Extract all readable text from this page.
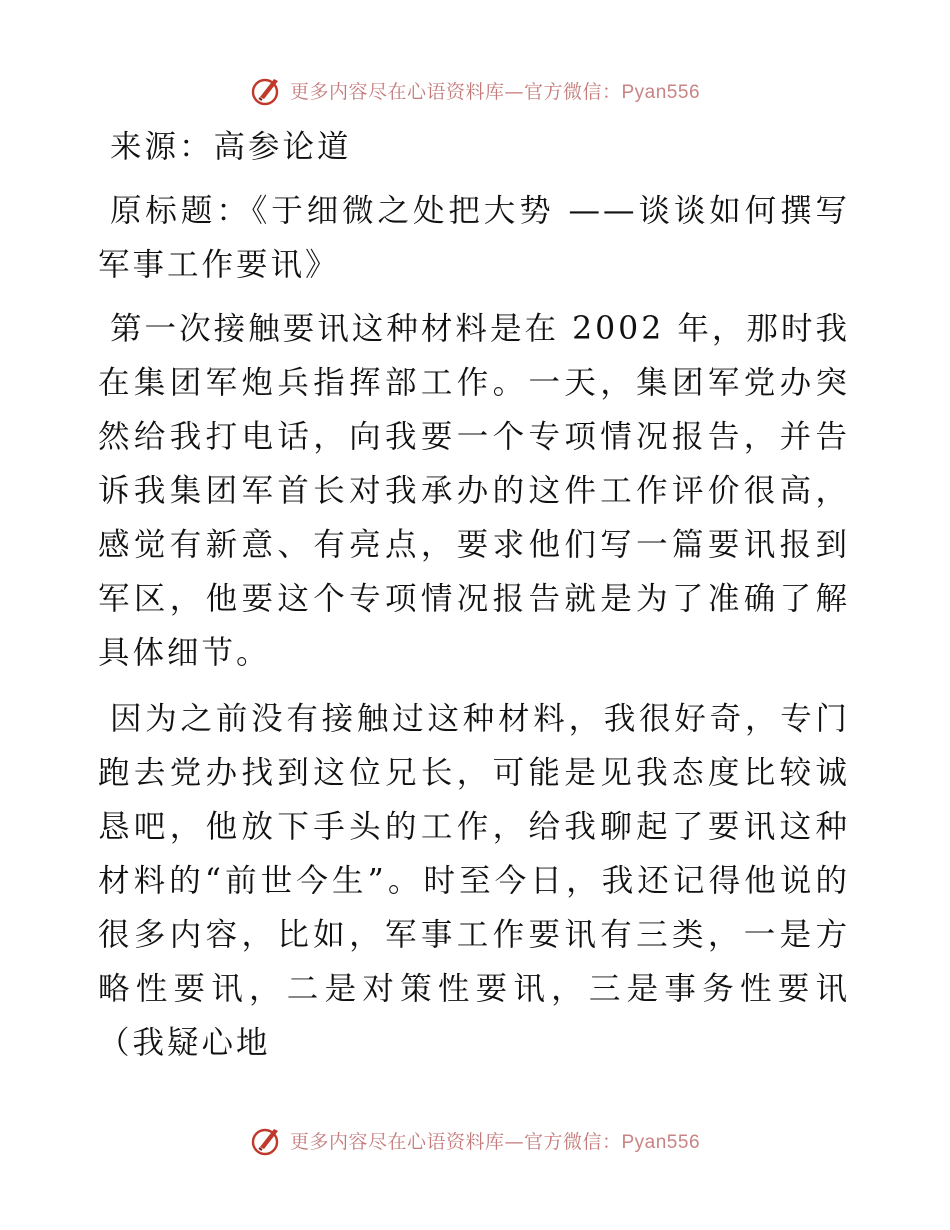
更多内容尽在心语资料库—官方微信：Pyan556

来源：高参论道

原标题：《于细微之处把大势 ——谈谈如何撰写军事工作要讯》

第一次接触要讯这种材料是在 2002 年，那时我在集团军炮兵指挥部工作。一天，集团军党办突然给我打电话，向我要一个专项情况报告，并告诉我集团军首长对我承办的这件工作评价很高，感觉有新意、有亮点，要求他们写一篇要讯报到军区，他要这个专项情况报告就是为了准确了解具体细节。

因为之前没有接触过这种材料，我很好奇，专门跑去党办找到这位兄长，可能是见我态度比较诚恳吧，他放下手头的工作，给我聊起了要讯这种材料的“前世今生”。时至今日，我还记得他说的很多内容，比如，军事工作要讯有三类，一是方略性要讯，二是对策性要讯，三是事务性要讯（我疑心地

更多内容尽在心语资料库—官方微信：Pyan556
